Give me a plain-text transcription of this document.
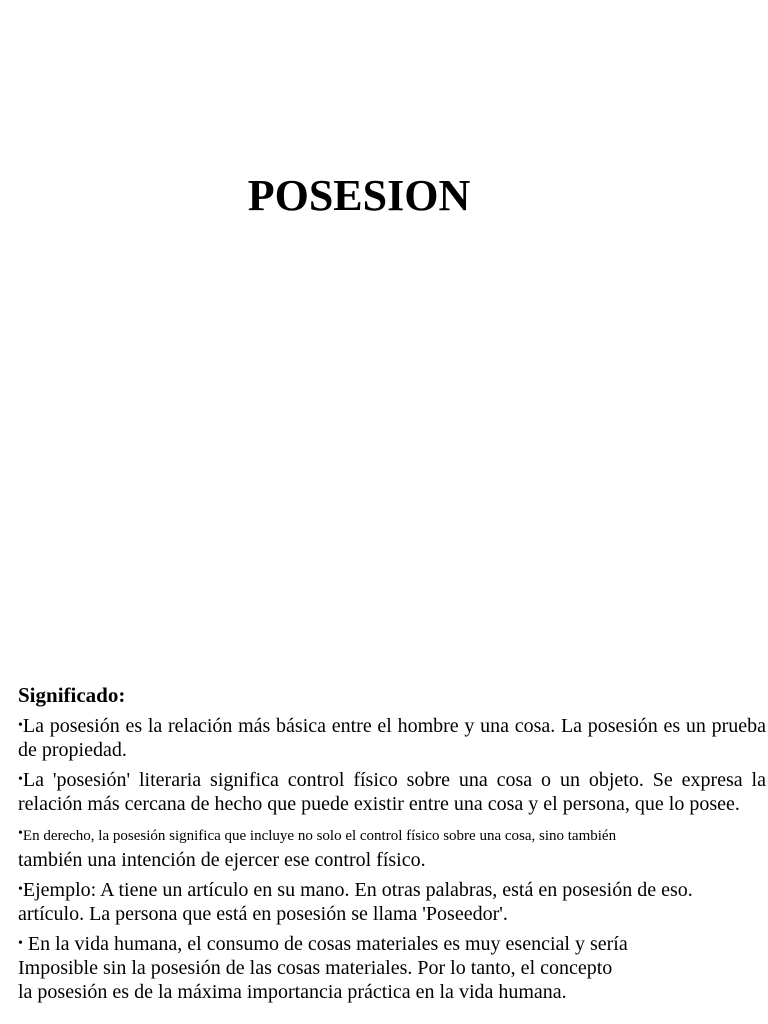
POSESION
Significado:
•La posesión es la relación más básica entre el hombre y una cosa. La posesión es un prueba de propiedad.
•La 'posesión' literaria significa control físico sobre una cosa o un objeto. Se expresa la relación más cercana de hecho que puede existir entre una cosa y el persona, que lo posee.
•En derecho, la posesión significa que incluye no solo el control físico sobre una cosa, sino también
también una intención de ejercer ese control físico.
•Ejemplo: A tiene un artículo en su mano. En otras palabras, está en posesión de eso.
artículo. La persona que está en posesión se llama 'Poseedor'.
• En la vida humana, el consumo de cosas materiales es muy esencial y sería
Imposible sin la posesión de las cosas materiales. Por lo tanto, el concepto
la posesión es de la máxima importancia práctica en la vida humana.
